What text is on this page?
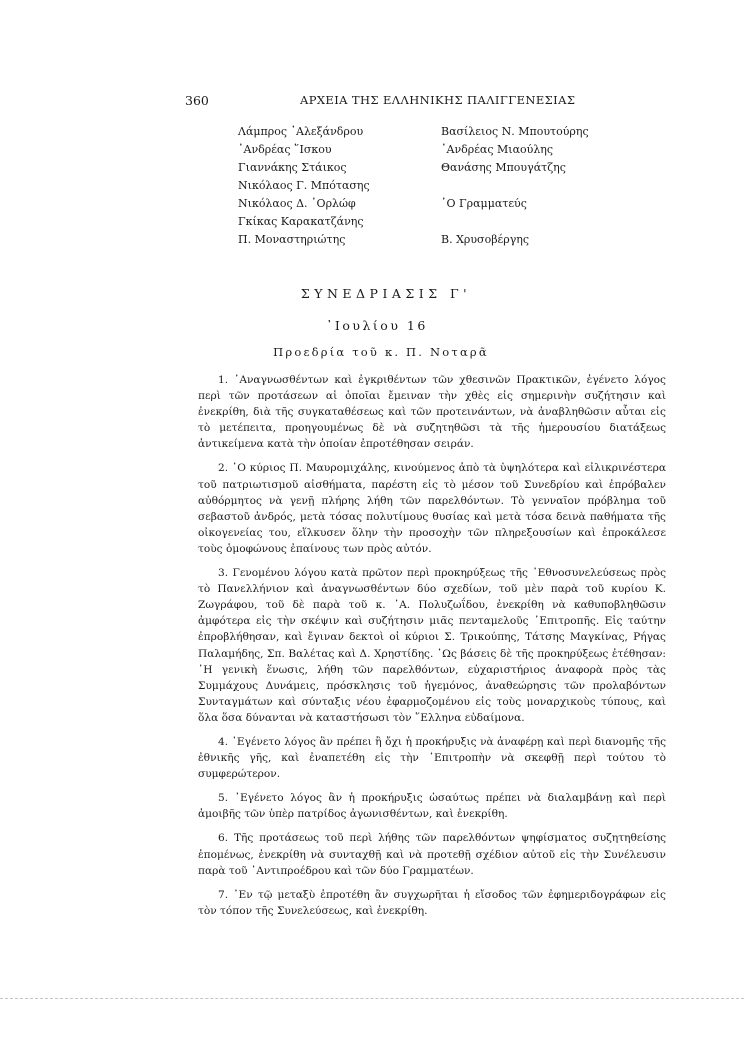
360	ΑΡΧΕΙΑ ΤΗΣ ΕΛΛΗΝΙΚΗΣ ΠΑΛΙΓΓΕΝΕΣΙΑΣ
Λάμπρος ᾿Αλεξάνδρου
᾿Ανδρέας ῞Ισκου
Γιαννάκης Στάικος
Νικόλαος Γ. Μπότασης
Νικόλαος Δ. ᾿Ορλώφ
Γκίκας Καρακατζάνης
Π. Μοναστηριώτης
Βασίλειος Ν. Μπουτούρης
᾿Ανδρέας Μιαούλης
Θανάσης Μπουγάτζης
῾Ο Γραμματεύς
Β. Χρυσοβέργης
ΣΥΝΕΔΡΙΑΣΙΣ Γ'
᾿Ιουλίου 16
Προεδρία τοῦ κ. Π. Νοταρᾶ

1. ᾿Αναγνωσθέντων καὶ ἐγκριθέντων τῶν χθεσινῶν Πρακτικῶν, ἐγένετο λόγος περὶ τῶν προτάσεων αἱ ὁποῖαι ἔμειναν τὴν χθὲς εἰς σημερινὴν συζήτησιν καὶ ἐνεκρίθη, διὰ τῆς συγκαταθέσεως καὶ τῶν προτεινάντων, νὰ ἀναβληθῶσιν αὗται εἰς τὸ μετέπειτα, προηγουμένως δὲ νὰ συζητηθῶσι τὰ τῆς ἡμερουσίου διατάξεως ἀντικείμενα κατὰ τὴν ὁποίαν ἐπροτέθησαν σειράν.

2. ῾Ο κύριος Π. Μαυρομιχάλης, κινούμενος ἀπὸ τὰ ὑψηλότερα καὶ εἰλικρινέστερα τοῦ πατριωτισμοῦ αἰσθήματα, παρέστη εἰς τὸ μέσον τοῦ Συνεδρίου καὶ ἐπρόβαλεν αὐθόρμητος νὰ γενῇ πλήρης λήθη τῶν παρελθόντων. Τὸ γενναῖον πρόβλημα τοῦ σεβαστοῦ ἀνδρός, μετὰ τόσας πολυτίμους θυσίας καὶ μετὰ τόσα δεινὰ παθήματα τῆς οἰκογενείας του, εἵλκυσεν ὅλην τὴν προσοχὴν τῶν πληρεξουσίων καὶ ἐπροκάλεσε τοὺς ὁμοφώνους ἐπαίνους των πρὸς αὐτόν.

3. Γενομένου λόγου κατὰ πρῶτον περὶ προκηρύξεως τῆς ᾿Εθνοσυνελεύσεως πρὸς τὸ Πανελλήνιον καὶ ἀναγνωσθέντων δύο σχεδίων, τοῦ μὲν παρὰ τοῦ κυρίου Κ. Ζωγράφου, τοῦ δὲ παρὰ τοῦ κ. ᾿Α. Πολυζωΐδου, ἐνεκρίθη νὰ καθυποβληθῶσιν ἀμφότερα εἰς τὴν σκέψιν καὶ συζήτησιν μιᾶς πενταμελοῦς ᾿Επιτροπῆς. Εἰς ταύτην ἐπροβλήθησαν, καὶ ἔγιναν δεκτοὶ οἱ κύριοι Σ. Τρικούπης, Τάτσης Μαγκίνας, Ρήγας Παλαμήδης, Σπ. Βαλέτας καὶ Δ. Χρηστίδης. ῾Ως βάσεις δὲ τῆς προκηρύξεως ἐτέθησαν: ῾Η γενικὴ ἕνωσις, λήθη τῶν παρελθόντων, εὐχαριστήριος ἀναφορὰ πρὸς τὰς Συμμάχους Δυνάμεις, πρόσκλησις τοῦ ἡγεμόνος, ἀναθεώρησις τῶν προλαβόντων Συνταγμάτων καὶ σύνταξις νέου ἐφαρμοζομένου εἰς τοὺς μοναρχικοὺς τύπους, καὶ ὅλα ὅσα δύνανται νὰ καταστήσωσι τὸν ῞Ελληνα εὐδαίμονα.

4. ᾿Εγένετο λόγος ἂν πρέπει ἢ ὄχι ἡ προκήρυξις νὰ ἀναφέρῃ καὶ περὶ διανομῆς τῆς ἐθνικῆς γῆς, καὶ ἐναπετέθη εἰς τὴν ᾿Επιτροπὴν νὰ σκεφθῇ περὶ τούτου τὸ συμφερώτερον.

5. ᾿Εγένετο λόγος ἂν ἡ προκήρυξις ὡσαύτως πρέπει νὰ διαλαμβάνῃ καὶ περὶ ἀμοιβῆς τῶν ὑπὲρ πατρίδος ἀγωνισθέντων, καὶ ἐνεκρίθη.

6. Τῆς προτάσεως τοῦ περὶ λήθης τῶν παρελθόντων ψηφίσματος συζητηθείσης ἑπομένως, ἐνεκρίθη νὰ συνταχθῇ καὶ νὰ προτεθῇ σχέδιον αὐτοῦ εἰς τὴν Συνέλευσιν παρὰ τοῦ ᾿Αντιπροέδρου καὶ τῶν δύο Γραμματέων.

7. ᾿Εν τῷ μεταξὺ ἐπροτέθη ἂν συγχωρῆται ἡ εἴσοδος τῶν ἐφημεριδογράφων εἰς τὸν τόπον τῆς Συνελεύσεως, καὶ ἐνεκρίθη.
